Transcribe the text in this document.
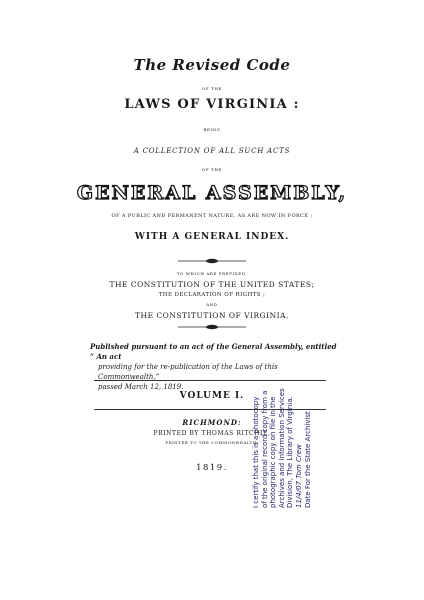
The Revised Code
OF THE
LAWS OF VIRGINIA :
BEING
A COLLECTION OF ALL SUCH ACTS
OF THE
GENERAL ASSEMBLY,
OF A PUBLIC AND PERMANENT NATURE, AS ARE NOW IN FORCE ;
WITH A GENERAL INDEX.
TO WHICH ARE PREFIXED,
THE CONSTITUTION OF THE UNITED STATES;
THE DECLARATION OF RIGHTS ;
AND
THE CONSTITUTION OF VIRGINIA.
Published pursuant to an act of the General Assembly, entitled “ An act
providing for the re-publication of the Laws of this Commonwealth,”
passed March 12, 1819.
VOLUME I.
RICHMOND:
PRINTED BY THOMAS RITCHIE,
PRINTER TO THE COMMONWEALTH.
1819.	I certify that this is a photocopy of the original record copy from a photographic copy on file in the Archives and Information Services Division, The Library of Virginia. 11/4/07 Tom Crew Date For the State Archivist
